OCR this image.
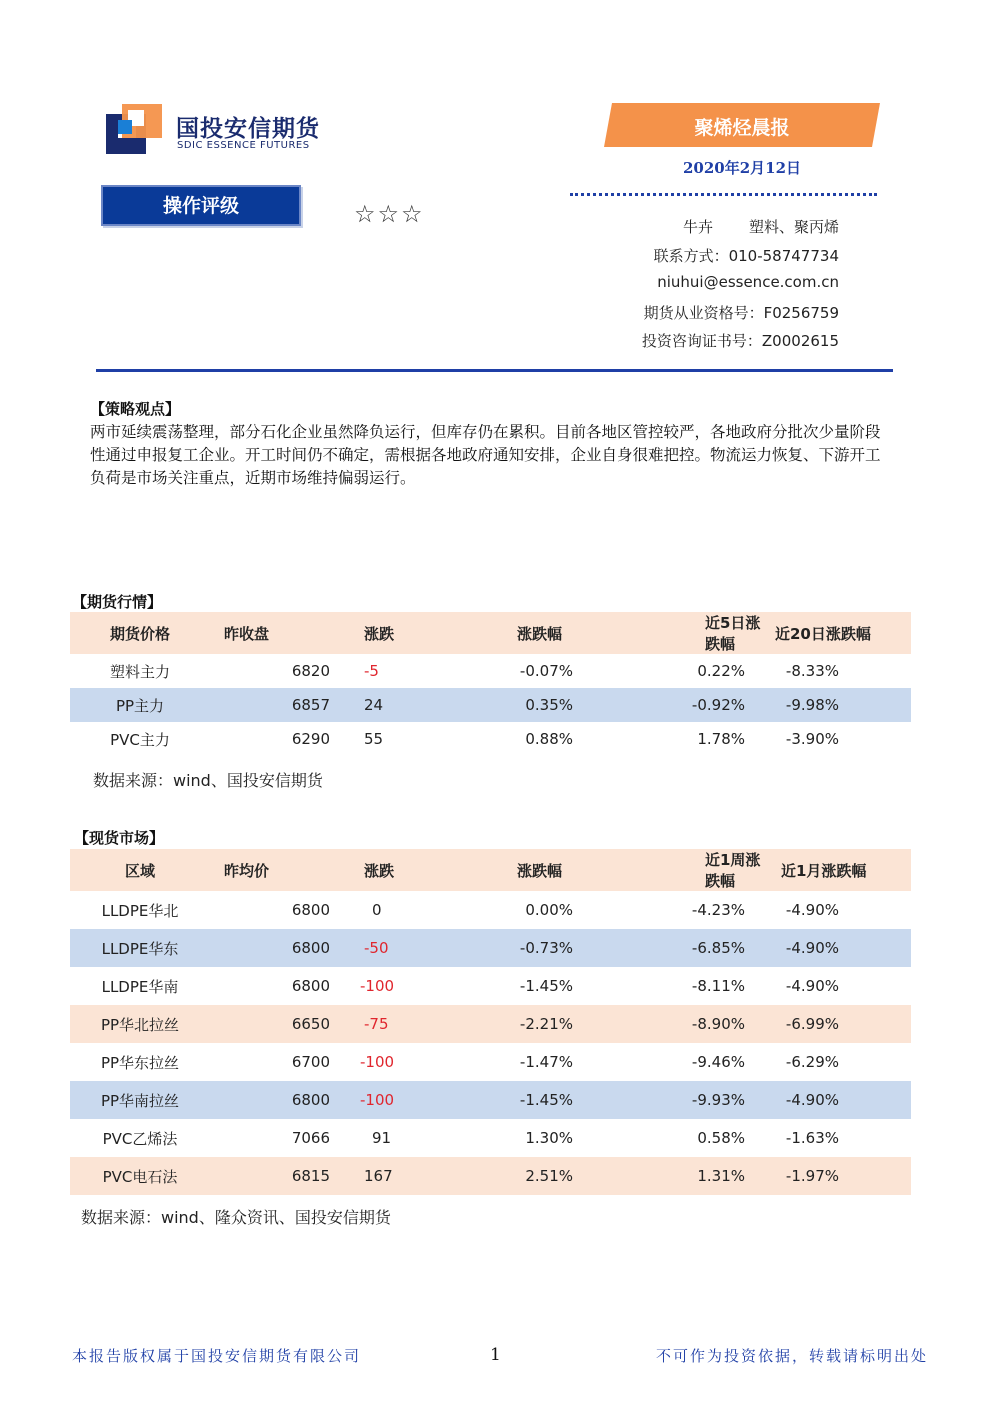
国投安信期货
SDIC ESSENCE FUTURES
聚烯烃晨报
2020年2月12日
操作评级	☆☆☆	牛卉 塑料、聚丙烯
联系方式：010-58747734
niuhui@essence.com.cn
期货从业资格号：F0256759
投资咨询证书号：Z0002615
【策略观点】
两市延续震荡整理，部分石化企业虽然降负运行，但库存仍在累积。目前各地区管控较严，各地政府分批次少量阶段性通过申报复工企业。开工时间仍不确定，需根据各地政府通知安排，企业自身很难把控。物流运力恢复、下游开工负荷是市场关注重点，近期市场维持偏弱运行。
【期货行情】
期货价格	昨收盘	涨跌	涨跌幅	近5日涨跌幅	近20日涨跌幅
塑料主力	6820	-5	-0.07%	0.22%	-8.33%
PP主力	6857	24	0.35%	-0.92%	-9.98%
PVC主力	6290	55	0.88%	1.78%	-3.90%
数据来源：wind、国投安信期货
【现货市场】
区域	昨均价	涨跌	涨跌幅	近1周涨跌幅	近1月涨跌幅
LLDPE华北	6800	0	0.00%	-4.23%	-4.90%
LLDPE华东	6800	-50	-0.73%	-6.85%	-4.90%
LLDPE华南	6800	-100	-1.45%	-8.11%	-4.90%
PP华北拉丝	6650	-75	-2.21%	-8.90%	-6.99%
PP华东拉丝	6700	-100	-1.47%	-9.46%	-6.29%
PP华南拉丝	6800	-100	-1.45%	-9.93%	-4.90%
PVC乙烯法	7066	91	1.30%	0.58%	-1.63%
PVC电石法	6815	167	2.51%	1.31%	-1.97%
数据来源：wind、隆众资讯、国投安信期货
本报告版权属于国投安信期货有限公司	1	不可作为投资依据，转载请标明出处
